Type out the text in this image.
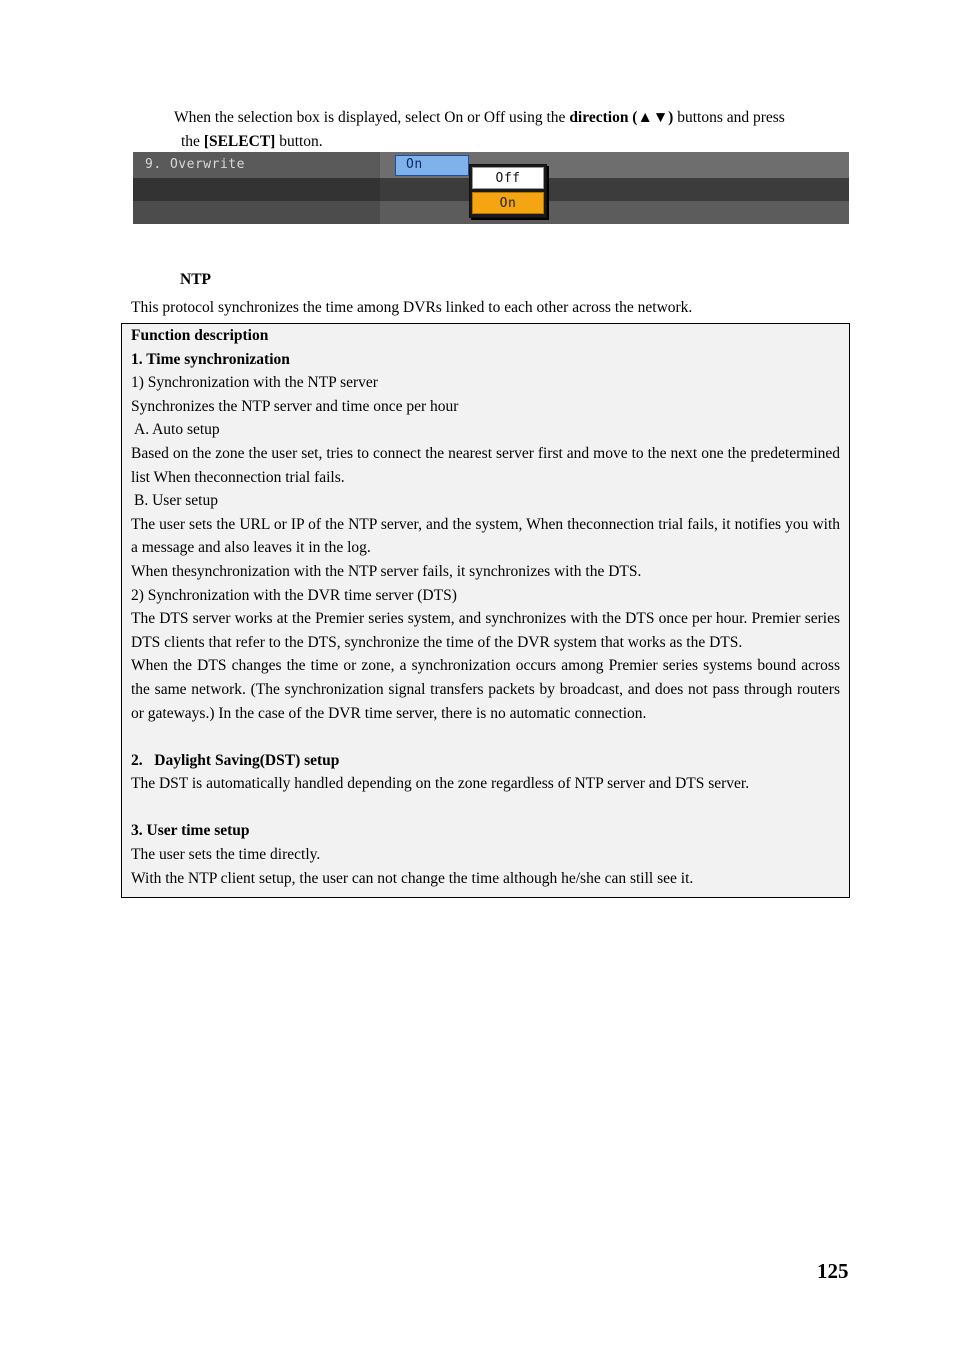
When the selection box is displayed, select On or Off using the direction (▲▼) buttons and press
the [SELECT] button.
9. Overwrite	On
Off
On
NTP
This protocol synchronizes the time among DVRs linked to each other across the network.

Function description

1. Time synchronization

1) Synchronization with the NTP server

Synchronizes the NTP server and time once per hour

A. Auto setup

Based on the zone the user set, tries to connect the nearest server first and move to the next one the predetermined list When theconnection trial fails.

B. User setup

The user sets the URL or IP of the NTP server, and the system, When theconnection trial fails, it notifies you with a message and also leaves it in the log.

When thesynchronization with the NTP server fails, it synchronizes with the DTS.

2) Synchronization with the DVR time server (DTS)

The DTS server works at the Premier series system, and synchronizes with the DTS once per hour. Premier series DTS clients that refer to the DTS, synchronize the time of the DVR system that works as the DTS.

When the DTS changes the time or zone, a synchronization occurs among Premier series systems bound across the same network. (The synchronization signal transfers packets by broadcast, and does not pass through routers or gateways.) In the case of the DVR time server, there is no automatic connection.

2.   Daylight Saving(DST) setup

The DST is automatically handled depending on the zone regardless of NTP server and DTS server.

3. User time setup

The user sets the time directly.

With the NTP client setup, the user can not change the time although he/she can still see it.

125
